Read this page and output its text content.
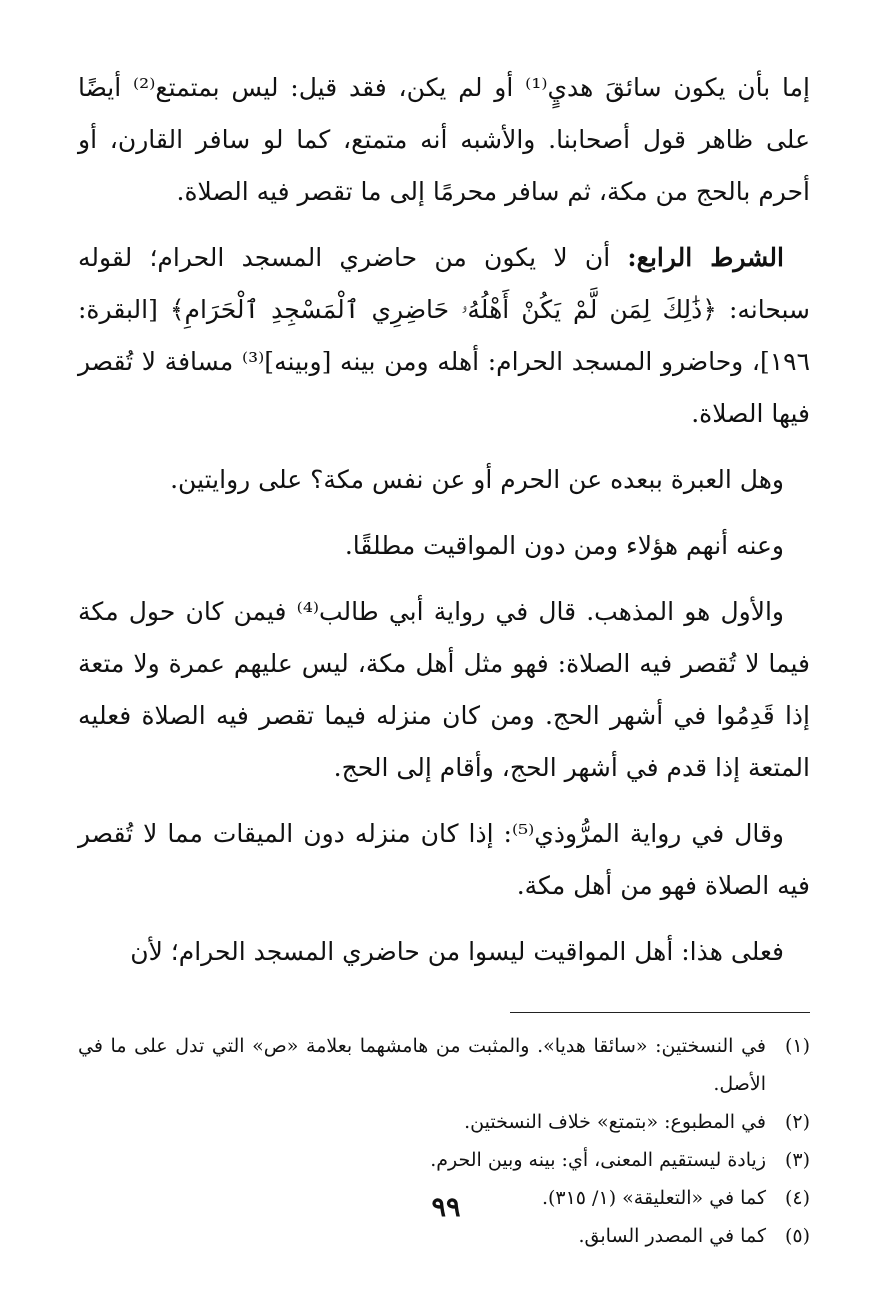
إما بأن يكون سائقَ هديٍ⁽¹⁾ أو لم يكن، فقد قيل: ليس بمتمتع⁽²⁾ أيضًا على ظاهر قول أصحابنا. والأشبه أنه متمتع، كما لو سافر القارن، أو أحرم بالحج من مكة، ثم سافر محرمًا إلى ما تقصر فيه الصلاة.

الشرط الرابع: أن لا يكون من حاضري المسجد الحرام؛ لقوله سبحانه: ﴿ذَٰلِكَ لِمَن لَّمْ يَكُنْ أَهْلُهُۥ حَاضِرِي ٱلْمَسْجِدِ ٱلْحَرَامِ﴾ [البقرة: ١٩٦]، وحاضرو المسجد الحرام: أهله ومن بينه [وبينه]⁽³⁾ مسافة لا تُقصر فيها الصلاة.

وهل العبرة ببعده عن الحرم أو عن نفس مكة؟ على روايتين.

وعنه أنهم هؤلاء ومن دون المواقيت مطلقًا.

والأول هو المذهب. قال في رواية أبي طالب⁽⁴⁾ فيمن كان حول مكة فيما لا تُقصر فيه الصلاة: فهو مثل أهل مكة، ليس عليهم عمرة ولا متعة إذا قَدِمُوا في أشهر الحج. ومن كان منزله فيما تقصر فيه الصلاة فعليه المتعة إذا قدم في أشهر الحج، وأقام إلى الحج.

وقال في رواية المرُّوذي⁽⁵⁾: إذا كان منزله دون الميقات مما لا تُقصر فيه الصلاة فهو من أهل مكة.

فعلى هذا: أهل المواقيت ليسوا من حاضري المسجد الحرام؛ لأن

(١)
في النسختين: «سائقا هديا». والمثبت من هامشهما بعلامة «ص» التي تدل على ما في الأصل.
(٢)
في المطبوع: «بتمتع» خلاف النسختين.
(٣)
زيادة ليستقيم المعنى، أي: بينه وبين الحرم.
(٤)
كما في «التعليقة» (١/ ٣١٥).
(٥)
كما في المصدر السابق.
٩٩
